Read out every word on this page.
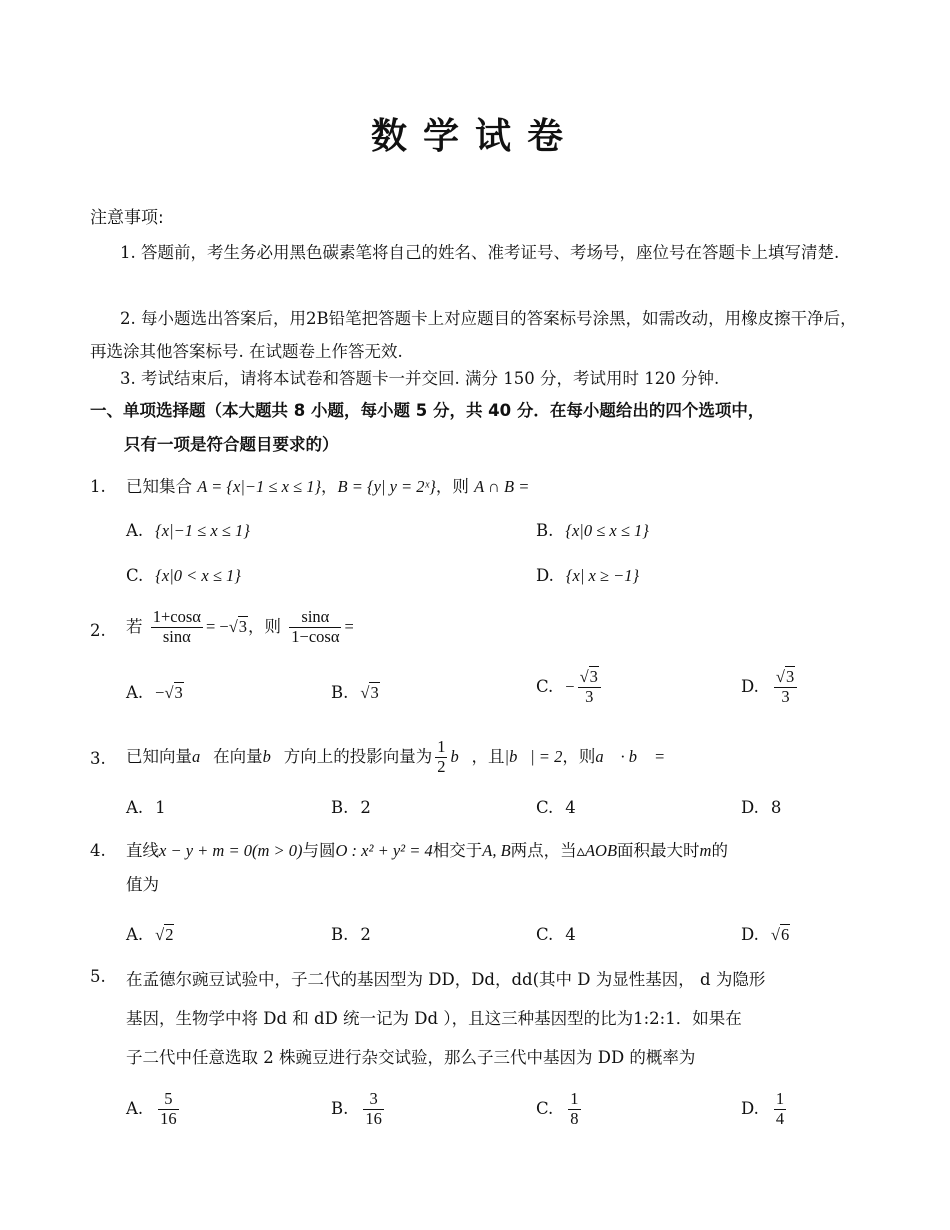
数学试卷
注意事项:
1. 答题前，考生务必用黑色碳素笔将自己的姓名、准考证号、考场号，座位号在答题卡上填写清楚.
2. 每小题选出答案后，用2B铅笔把答题卡上对应题目的答案标号涂黑，如需改动，用橡皮擦干净后，再选涂其他答案标号. 在试题卷上作答无效.
3. 考试结束后，请将本试卷和答题卡一并交回. 满分 150 分，考试用时 120 分钟.
一、单项选择题（本大题共 8 小题，每小题 5 分，共 40 分．在每小题给出的四个选项中，
只有一项是符合题目要求的）
1. 已知集合 A = {x|−1 ≤ x ≤ 1}，B = {y| y = 2ˣ}，则 A ∩ B =
A. {x|−1 ≤ x ≤ 1}	B. {x|0 ≤ x ≤ 1}
C. {x|0 < x ≤ 1}	D. {x| x ≥ −1}
2. 若 $\frac{1+\cos\alpha}{\sin\alpha} = -√3$，则 $\frac{\sin\alpha}{1-\cos\alpha}$ =
A. −√3	B. √3	C. − $\frac{√3}{3}$	D. $\frac{√3}{3}$
3. 已知向量a⃗在向量b⃗方向上的投影向量为 $\frac{1}{2}$ b⃗，且|b⃗| = 2，则a⃗ · b⃗ =
A. 1	B. 2	C. 4	D. 8
4. 直线x − y + m = 0(m > 0)与圆O : x² + y² = 4相交于A, B两点，当▵AOB面积最大时m的
值为
A. √2	B. 2	C. 4	D. √6
5. 在孟德尔豌豆试验中，子二代的基因型为 DD，Dd，dd(其中 D 为显性基因， d 为隐形
基因，生物学中将 Dd 和 dD 统一记为 Dd ），且这三种基因型的比为1:2:1．如果在
子二代中任意选取 2 株豌豆进行杂交试验，那么子三代中基因为 DD 的概率为
A. $\frac{5}{16}$	B. $\frac{3}{16}$	C. $\frac{1}{8}$	D. $\frac{1}{4}$
